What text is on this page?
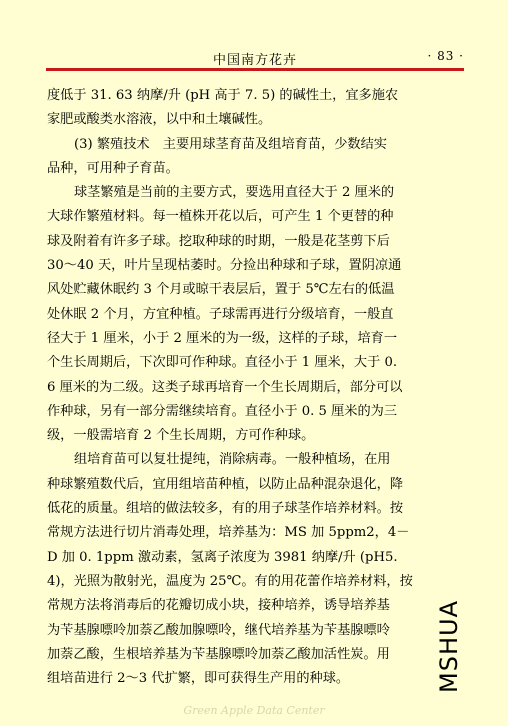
中国南方花卉	· 83 ·
度低于 31. 63 纳摩/升 (pH 高于 7. 5) 的碱性土，宜多施农
家肥或酸类水溶液，以中和土壤碱性。
(3) 繁殖技术　主要用球茎育苗及组培育苗，少数结实
品种，可用种子育苗。
球茎繁殖是当前的主要方式，要选用直径大于 2 厘米的
大球作繁殖材料。每一植株开花以后，可产生 1 个更替的种
球及附着有许多子球。挖取种球的时期，一般是花茎剪下后
30～40 天，叶片呈现枯萎时。分捡出种球和子球，置阴凉通
风处贮藏休眠约 3 个月或晾干表层后，置于 5℃左右的低温
处休眠 2 个月，方宜种植。子球需再进行分级培育，一般直
径大于 1 厘米，小于 2 厘米的为一级，这样的子球，培育一
个生长周期后，下次即可作种球。直径小于 1 厘米，大于 0.
6 厘米的为二级。这类子球再培育一个生长周期后，部分可以
作种球，另有一部分需继续培育。直径小于 0. 5 厘米的为三
级，一般需培育 2 个生长周期，方可作种球。
组培育苗可以复壮提纯，消除病毒。一般种植场，在用
种球繁殖数代后，宜用组培苗种植，以防止品种混杂退化，降
低花的质量。组培的做法较多，有的用子球茎作培养材料。按
常规方法进行切片消毒处理，培养基为：MS 加 5ppm2，4－
D 加 0. 1ppm 激动素，氢离子浓度为 3981 纳摩/升 (pH5.
4)，光照为散射光，温度为 25℃。有的用花蕾作培养材料，按
常规方法将消毒后的花瓣切成小块，接种培养，诱导培养基
为苄基腺嘌呤加萘乙酸加腺嘌呤，继代培养基为苄基腺嘌呤
加萘乙酸，生根培养基为苄基腺嘌呤加萘乙酸加活性炭。用
组培苗进行 2～3 代扩繁，即可获得生产用的种球。	MSHUA
Green Apple Data Center
